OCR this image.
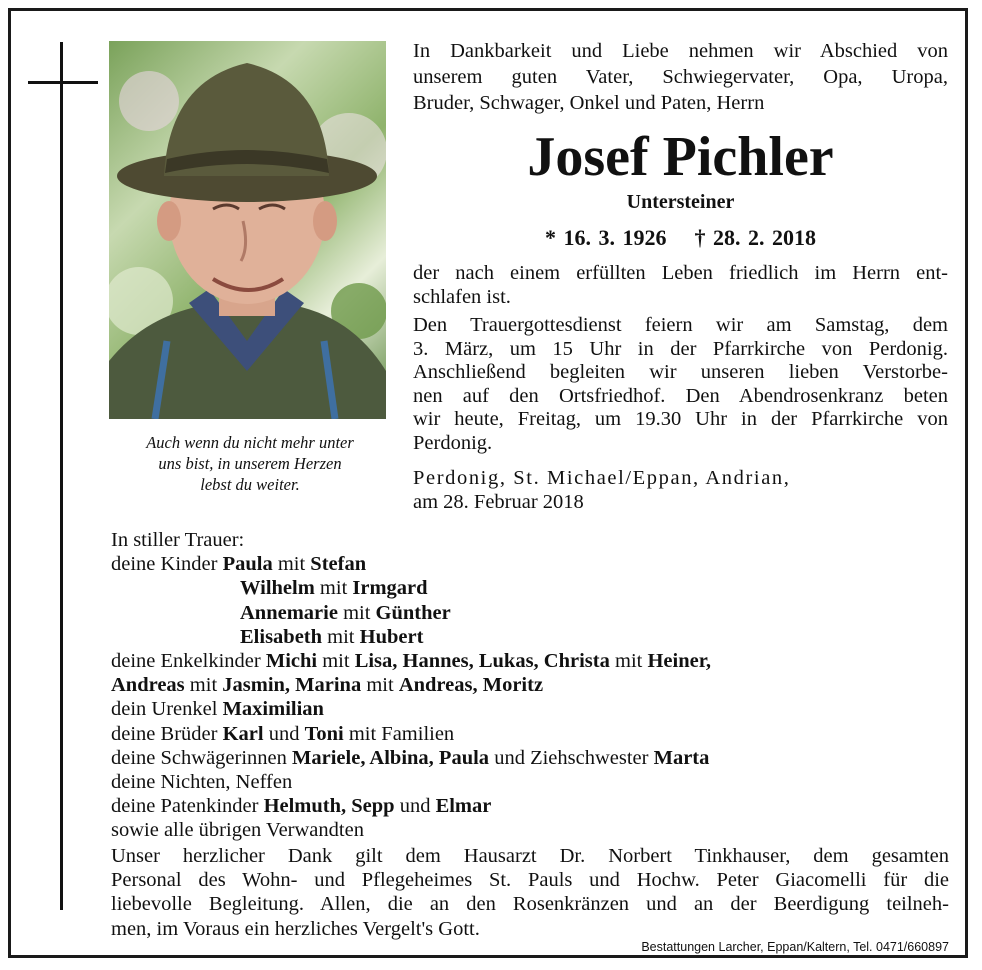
Auch wenn du nicht mehr unter
uns bist, in unserem Herzen
lebst du weiter.
In Dankbarkeit und Liebe nehmen wir Abschied von
unserem guten Vater, Schwiegervater, Opa, Uropa,
Bruder, Schwager, Onkel und Paten, Herrn
Josef Pichler
Untersteiner
* 16. 3. 1926 † 28. 2. 2018
der nach einem erfüllten Leben friedlich im Herrn ent-
schlafen ist.
Den Trauergottesdienst feiern wir am Samstag, dem
3. März, um 15 Uhr in der Pfarrkirche von Perdonig.
Anschließend begleiten wir unseren lieben Verstorbe-
nen auf den Ortsfriedhof. Den Abendrosenkranz beten
wir heute, Freitag, um 19.30 Uhr in der Pfarrkirche von
Perdonig.
Perdonig, St. Michael/Eppan, Andrian,
am 28. Februar 2018
In stiller Trauer:
deine Kinder Paula mit Stefan
Wilhelm mit Irmgard
Annemarie mit Günther
Elisabeth mit Hubert
deine Enkelkinder Michi mit Lisa, Hannes, Lukas, Christa mit Heiner,
Andreas mit Jasmin, Marina mit Andreas, Moritz
dein Urenkel Maximilian
deine Brüder Karl und Toni mit Familien
deine Schwägerinnen Mariele, Albina, Paula und Ziehschwester Marta
deine Nichten, Neffen
deine Patenkinder Helmuth, Sepp und Elmar
sowie alle übrigen Verwandten
Unser herzlicher Dank gilt dem Hausarzt Dr. Norbert Tinkhauser, dem gesamten
Personal des Wohn- und Pflegeheimes St. Pauls und Hochw. Peter Giacomelli für die
liebevolle Begleitung. Allen, die an den Rosenkränzen und an der Beerdigung teilneh-
men, im Voraus ein herzliches Vergelt's Gott.
Bestattungen Larcher, Eppan/Kaltern, Tel. 0471/660897
